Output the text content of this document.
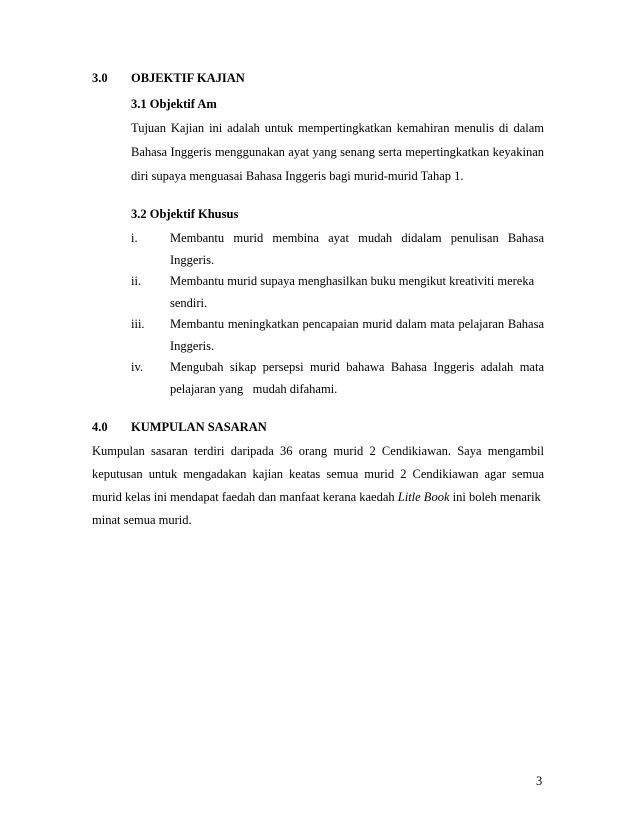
3.0 OBJEKTIF KAJIAN
3.1 Objektif Am
Tujuan Kajian ini adalah untuk mempertingkatkan kemahiran menulis di dalam
Bahasa Inggeris menggunakan ayat yang senang serta mepertingkatkan keyakinan
diri supaya menguasai Bahasa Inggeris bagi murid-murid Tahap 1.
3.2 Objektif Khusus
i.	Membantu murid membina ayat mudah didalam penulisan Bahasa
Inggeris.
ii. Membantu murid supaya menghasilkan buku mengikut kreativiti mereka
sendiri.
iii. Membantu meningkatkan pencapaian murid dalam mata pelajaran Bahasa
Inggeris.
iv. Mengubah sikap persepsi murid bahawa Bahasa Inggeris adalah mata
pelajaran yang   mudah difahami.
4.0 KUMPULAN SASARAN
Kumpulan sasaran terdiri daripada 36 orang murid 2 Cendikiawan. Saya mengambil
keputusan untuk mengadakan kajian keatas semua murid 2 Cendikiawan agar semua
murid kelas ini mendapat faedah dan manfaat kerana kaedah Litle Book ini boleh menarik
minat semua murid.
3
